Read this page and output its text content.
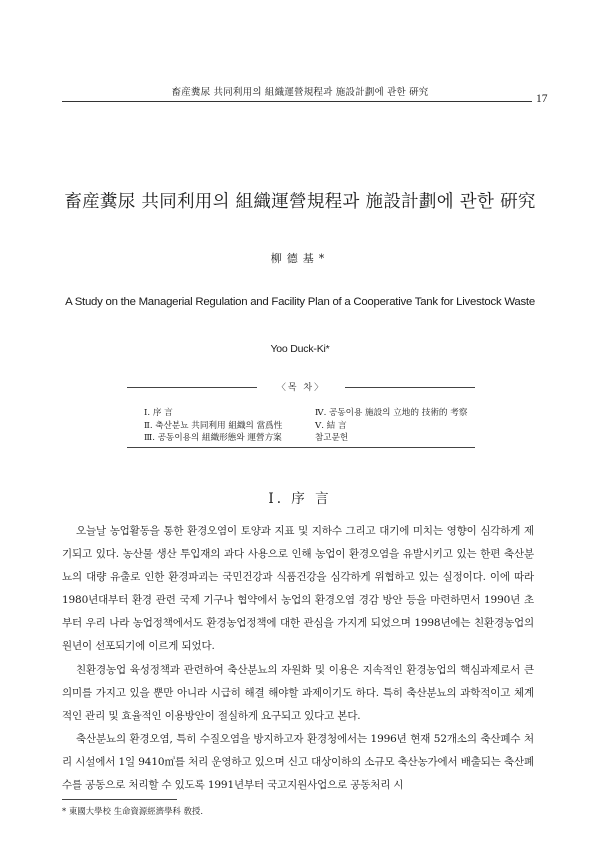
畜産糞尿 共同利用의 組織運營規程과 施設計劃에 관한 硏究
17
畜産糞尿 共同利用의 組織運營規程과 施設計劃에 관한 硏究
柳德基*
A Study on the Managerial Regulation and Facility Plan of a Cooperative Tank for Livestock Waste
Yoo Duck-Ki*
〈목 차〉
Ⅰ. 序 言
Ⅱ. 축산분뇨 共同利用 組織의 當爲性
Ⅲ. 공동이용의 組織形態와 運營方案
Ⅳ. 공동이용 施設의 立地的 技術的 考察
Ⅴ. 結 言
참고문헌
Ⅰ. 序 言

오늘날 농업활동을 통한 환경오염이 토양과 지표 및 지하수 그리고 대기에 미치는 영향이 심각하게 제기되고 있다. 농산물 생산 투입재의 과다 사용으로 인해 농업이 환경오염을 유발시키고 있는 한편 축산분뇨의 대량 유출로 인한 환경파괴는 국민건강과 식품건강을 심각하게 위협하고 있는 실정이다. 이에 따라 1980년대부터 환경 관련 국제 기구나 협약에서 농업의 환경오염 경감 방안 등을 마련하면서 1990년 초부터 우리 나라 농업정책에서도 환경농업정책에 대한 관심을 가지게 되었으며 1998년에는 친환경농업의 원년이 선포되기에 이르게 되었다.

친환경농업 육성정책과 관련하여 축산분뇨의 자원화 및 이용은 지속적인 환경농업의 핵심과제로서 큰 의미를 가지고 있을 뿐만 아니라 시급히 해결 해야할 과제이기도 하다. 특히 축산분뇨의 과학적이고 체계적인 관리 및 효율적인 이용방안이 절실하게 요구되고 있다고 본다.

축산분뇨의 환경오염, 특히 수질오염을 방지하고자 환경청에서는 1996년 현재 52개소의 축산폐수 처리 시설에서 1일 9410㎥를 처리 운영하고 있으며 신고 대상이하의 소규모 축산농가에서 배출되는 축산폐수를 공동으로 처리할 수 있도록 1991년부터 국고지원사업으로 공동처리 시

* 東國大學校 生命資源經濟學科 敎授.
